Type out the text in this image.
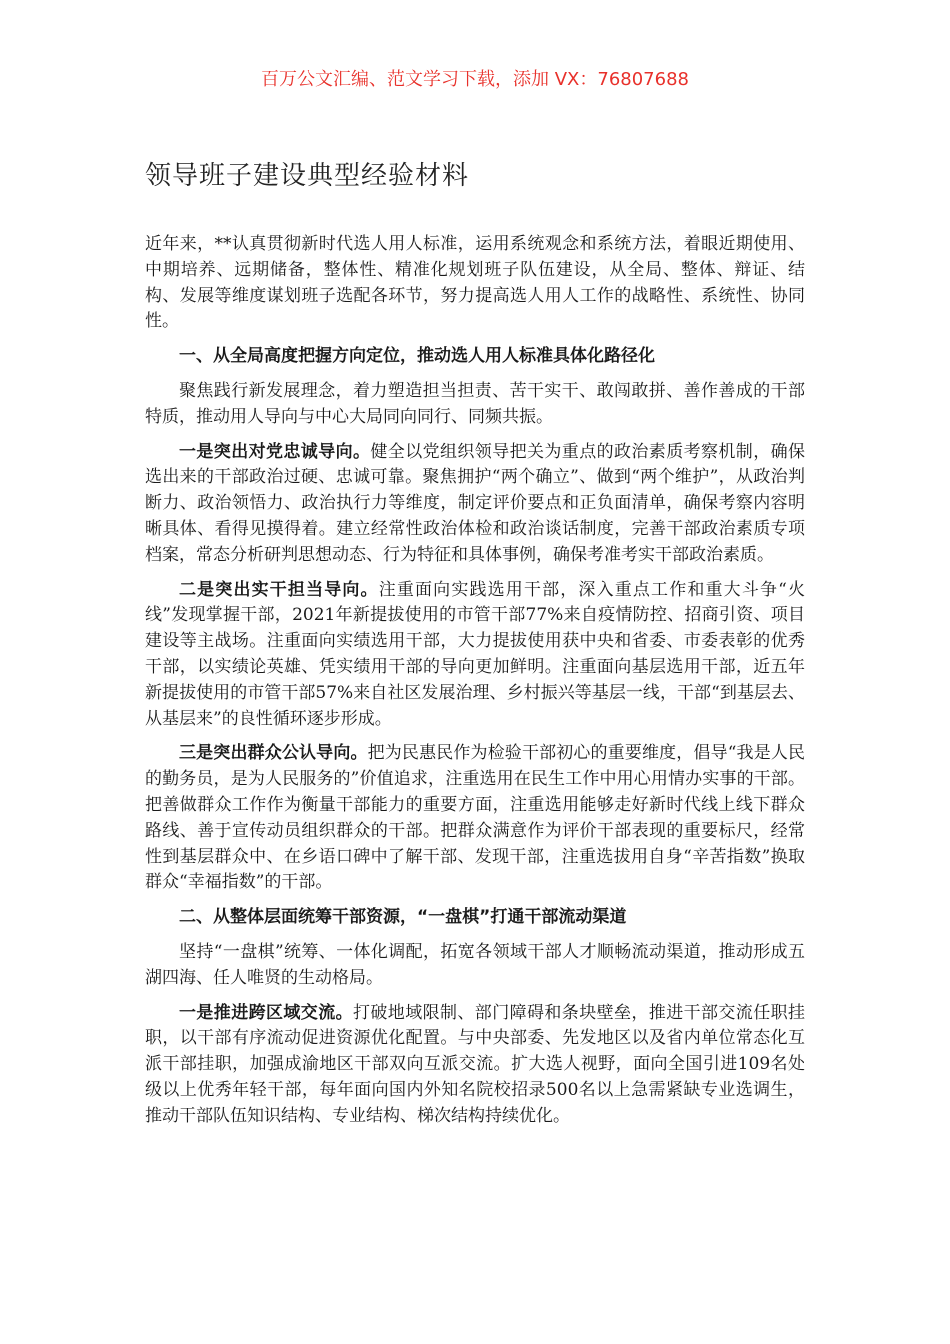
百万公文汇编、范文学习下载，添加 VX：76807688
领导班子建设典型经验材料

近年来，**认真贯彻新时代选人用人标准，运用系统观念和系统方法，着眼近期使用、中期培养、远期储备，整体性、精准化规划班子队伍建设，从全局、整体、辩证、结构、发展等维度谋划班子选配各环节，努力提高选人用人工作的战略性、系统性、协同性。

一、从全局高度把握方向定位，推动选人用人标准具体化路径化

聚焦践行新发展理念，着力塑造担当担责、苦干实干、敢闯敢拼、善作善成的干部特质，推动用人导向与中心大局同向同行、同频共振。

一是突出对党忠诚导向。健全以党组织领导把关为重点的政治素质考察机制，确保选出来的干部政治过硬、忠诚可靠。聚焦拥护“两个确立”、做到“两个维护”，从政治判断力、政治领悟力、政治执行力等维度，制定评价要点和正负面清单，确保考察内容明晰具体、看得见摸得着。建立经常性政治体检和政治谈话制度，完善干部政治素质专项档案，常态分析研判思想动态、行为特征和具体事例，确保考准考实干部政治素质。

二是突出实干担当导向。注重面向实践选用干部，深入重点工作和重大斗争“火线”发现掌握干部，2021年新提拔使用的市管干部77%来自疫情防控、招商引资、项目建设等主战场。注重面向实绩选用干部，大力提拔使用获中央和省委、市委表彰的优秀干部，以实绩论英雄、凭实绩用干部的导向更加鲜明。注重面向基层选用干部，近五年新提拔使用的市管干部57%来自社区发展治理、乡村振兴等基层一线，干部“到基层去、从基层来”的良性循环逐步形成。

三是突出群众公认导向。把为民惠民作为检验干部初心的重要维度，倡导“我是人民的勤务员，是为人民服务的”价值追求，注重选用在民生工作中用心用情办实事的干部。把善做群众工作作为衡量干部能力的重要方面，注重选用能够走好新时代线上线下群众路线、善于宣传动员组织群众的干部。把群众满意作为评价干部表现的重要标尺，经常性到基层群众中、在乡语口碑中了解干部、发现干部，注重选拔用自身“辛苦指数”换取群众“幸福指数”的干部。

二、从整体层面统筹干部资源，“一盘棋”打通干部流动渠道

坚持“一盘棋”统筹、一体化调配，拓宽各领域干部人才顺畅流动渠道，推动形成五湖四海、任人唯贤的生动格局。

一是推进跨区域交流。打破地域限制、部门障碍和条块壁垒，推进干部交流任职挂职，以干部有序流动促进资源优化配置。与中央部委、先发地区以及省内单位常态化互派干部挂职，加强成渝地区干部双向互派交流。扩大选人视野，面向全国引进109名处级以上优秀年轻干部，每年面向国内外知名院校招录500名以上急需紧缺专业选调生，推动干部队伍知识结构、专业结构、梯次结构持续优化。
